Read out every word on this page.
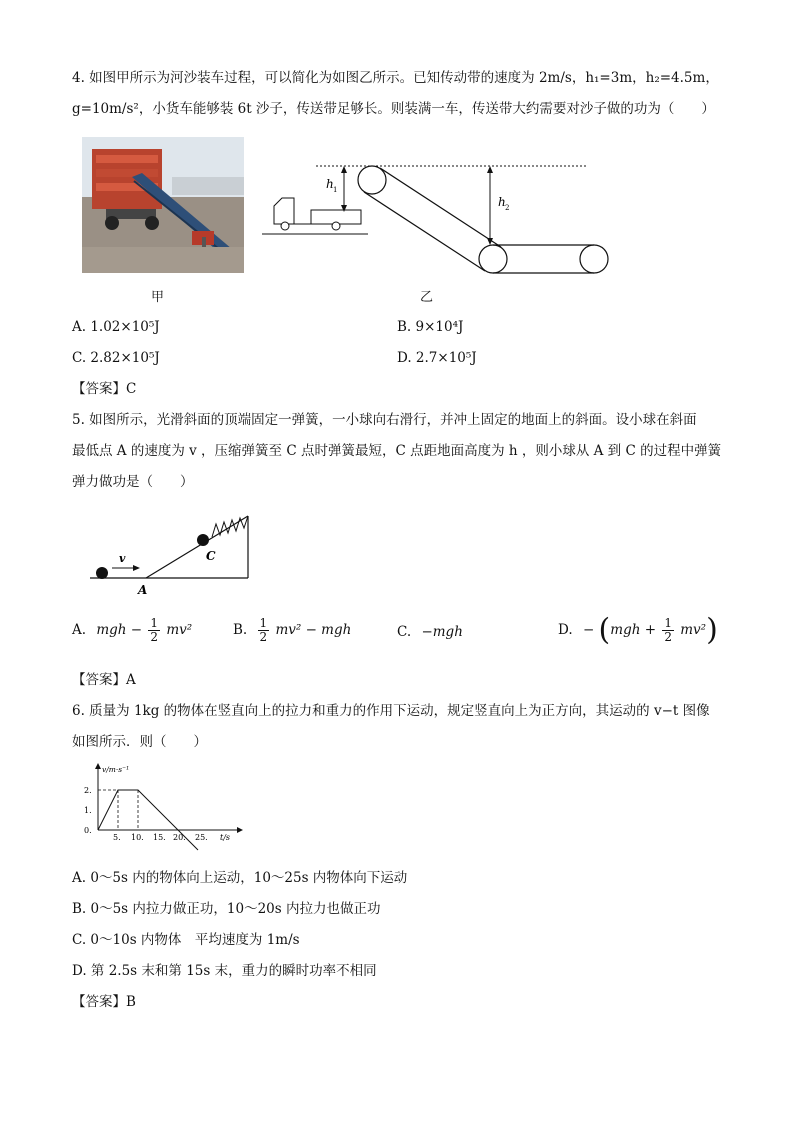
4. 如图甲所示为河沙装车过程，可以简化为如图乙所示。已知传动带的速度为 2m/s，h₁=3m，h₂=4.5m，
g=10m/s²，小货车能够装 6t 沙子，传送带足够长。则装满一车，传送带大约需要对沙子做的功为（　　）
甲
h 1
h 2
乙
A. 1.02×10⁵J	B. 9×10⁴J
C. 2.82×10⁵J	D. 2.7×10⁵J
【答案】C
5. 如图所示，光滑斜面的顶端固定一弹簧，一小球向右滑行，并冲上固定的地面上的斜面。设小球在斜面
最低点 A 的速度为 v ，压缩弹簧至 C 点时弹簧最短，C 点距地面高度为 h ，则小球从 A 到 C 的过程中弹簧
弹力做功是（　　）
v
A
C
A. mgh − $\frac{1}{2} mv^2$	B. $\frac{1}{2} mv^2$ − mgh	C. −mgh	D. − $(mgh + \frac{1}{2} mv^2)$
【答案】A
6. 质量为 1kg 的物体在竖直向上的拉力和重力的作用下运动，规定竖直向上为正方向，其运动的 v−t 图像
如图所示．则（　　）
2.
1.
0.
v/m·s⁻¹
5. 10. 15. 20. 25. t/s
A. 0～5s 内的物体向上运动，10～25s 内物体向下运动
B. 0～5s 内拉力做正功，10～20s 内拉力也做正功
C. 0～10s 内物体　平均速度为 1m/s
D. 第 2.5s 末和第 15s 末，重力的瞬时功率不相同
【答案】B
